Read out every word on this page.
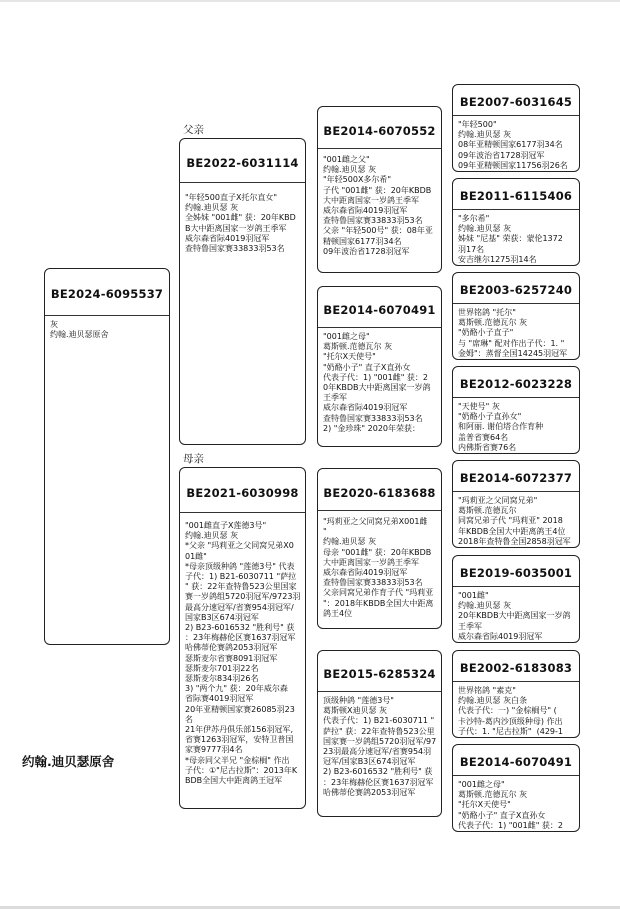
BE2024-6095537
灰
约翰.迪贝瑟原舍
父亲
BE2022-6031114
"年轻500直子X托尔直女"
约翰.迪贝瑟 灰
全姊妹 "001雌" 获：20年KBD
B大中距离国家一岁鸽王季军
威尔森省际4019羽冠军
查特鲁国家赛33833羽53名
母亲
BE2021-6030998
"001雌直子X莲德3号"
约翰.迪贝瑟 灰
*父亲 "玛莉亚之父同窝兄弟X0
01雌"
*母亲顶级种鸽 "莲德3号" 代表
子代：1) B21-6030711 "萨拉
" 获：22年查特鲁523公里国家
赛一岁鸽组5720羽冠军/9723羽
最高分速冠军/省赛954羽冠军/
国家B3区674羽冠军
2) B23-6016532 "胜利号" 获
：23年梅赫伦区赛1637羽冠军
哈佛蒂伦赛鸽2053羽冠军
瑟斯麦尔省赛8091羽冠军
瑟斯麦尔701羽22名
瑟斯麦尔834羽26名
3) "两个九" 获：20年威尔森
省际赛4019羽冠军
20年亚精顿国家赛26085羽23
名
21年伊苏丹俱乐部156羽冠军,
省赛1263羽冠军，安特卫普国
家赛9777羽4名
*母亲同父半兄 "金棕榈" 作出
子代：①"尼古拉斯"：2013年K
BDB全国大中距离鸽王冠军
约翰.迪贝瑟原舍
BE2014-6070552
"001雌之父"
约翰.迪贝瑟 灰
"年轻500X多尔希"
子代 "001雌" 获：20年KBDB
大中距离国家一岁鸽王季军
威尔森省际4019羽冠军
查特鲁国家赛33833羽53名
父亲 "年轻500号" 获：08年亚
精顿国家6177羽34名
09年波治省1728羽冠军
BE2014-6070491
"001雌之母"
葛斯顿.范德瓦尔 灰
"托尔X天使号"
"奶酪小子" 直子X直孙女
代表子代：1) "001雌" 获：2
0年KBDB大中距离国家一岁鸽
王季军
威尔森省际4019羽冠军
查特鲁国家赛33833羽53名
2) "金珍珠" 2020年荣获：
BE2020-6183688
"玛莉亚之父同窝兄弟X001雌
"
约翰.迪贝瑟 灰
母亲 "001雌" 获：20年KBDB
大中距离国家一岁鸽王季军
威尔森省际4019羽冠军
查特鲁国家赛33833羽53名
父亲同窝兄弟作育子代 "玛莉亚
"：2018年KBDB全国大中距离
鸽王4位
BE2015-6285324
顶级种鸽 "莲德3号"
葛斯顿X迪贝瑟 灰
代表子代：1) B21-6030711 "
萨拉" 获：22年查特鲁523公里
国家赛一岁鸽组5720羽冠军/97
23羽最高分速冠军/省赛954羽
冠军/国家B3区674羽冠军
2) B23-6016532 "胜利号" 获
：23年梅赫伦区赛1637羽冠军
哈佛蒂伦赛鸽2053羽冠军
BE2007-6031645
"年轻500"
约翰.迪贝瑟 灰
08年亚精顿国家6177羽34名
09年波治省1728羽冠军
09年亚精顿国家11756羽26名
BE2011-6115406
"多尔希"
约翰.迪贝瑟 灰
姊妹 "尼基" 荣获：蒙伦1372
羽17名
安吉继尔1275羽14名
BE2003-6257240
世界铭鸽 "托尔"
葛斯顿.范德瓦尔 灰
"奶酪小子直子"
与 "席琳" 配对作出子代：1. "
金姆"：蒸督全国14245羽冠军
BE2012-6023228
"天使号" 灰
"奶酪小子直孙女"
和阿丽. 谢伯塔合作育种
盖普省赛64名
内佛斯省赛76名
BE2014-6072377
"玛莉亚之父同窝兄弟"
葛斯顿.范德瓦尔
同窝兄弟子代 "玛莉亚" 2018
年KBDB全国大中距离鸽王4位
2018年查特鲁全国2858羽冠军
BE2019-6035001
"001雌"
约翰.迪贝瑟 灰
20年KBDB大中距离国家一岁鸽
王季军
威尔森省际4019羽冠军
BE2002-6183083
世界铭鸽 "素克"
约翰.迪贝瑟 灰白条
代表子代：一) "金棕榈号" (
卡沙特-葛内沙顶级种母) 作出
子代：1. "尼古拉斯"  (429-1
BE2014-6070491
"001雌之母"
葛斯顿.范德瓦尔 灰
"托尔X天使号"
"奶酪小子" 直子X直孙女
代表子代：1) "001雌" 获：2
